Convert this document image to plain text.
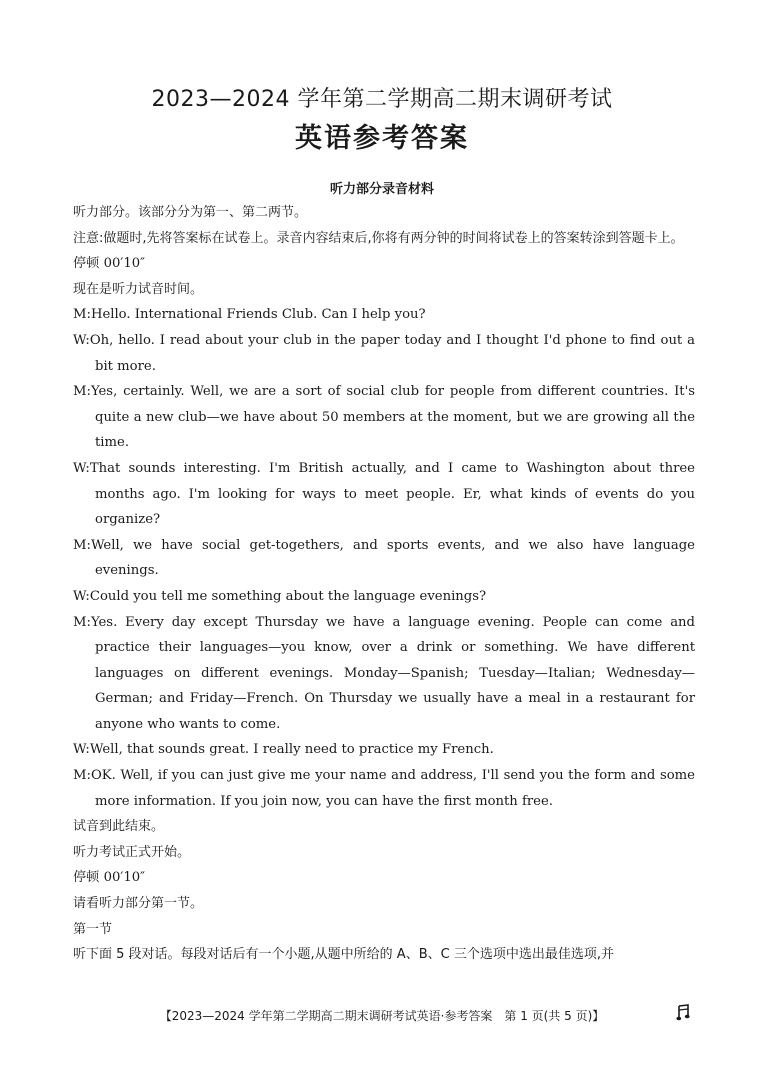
2023—2024 学年第二学期高二期末调研考试
英语参考答案
听力部分录音材料

听力部分。该部分分为第一、第二两节。

注意:做题时,先将答案标在试卷上。录音内容结束后,你将有两分钟的时间将试卷上的答案转涂到答题卡上。

停顿 00′10″

现在是听力试音时间。

M:Hello. International Friends Club. Can I help you?

W:Oh, hello. I read about your club in the paper today and I thought I'd phone to find out a bit more.

M:Yes, certainly. Well, we are a sort of social club for people from different countries. It's quite a new club—we have about 50 members at the moment, but we are growing all the time.

W:That sounds interesting. I'm British actually, and I came to Washington about three months ago. I'm looking for ways to meet people. Er, what kinds of events do you organize?

M:Well, we have social get-togethers, and sports events, and we also have language evenings.

W:Could you tell me something about the language evenings?

M:Yes. Every day except Thursday we have a language evening. People can come and practice their languages—you know, over a drink or something. We have different languages on different evenings. Monday—Spanish; Tuesday—Italian; Wednesday—German; and Friday—French. On Thursday we usually have a meal in a restaurant for anyone who wants to come.

W:Well, that sounds great. I really need to practice my French.

M:OK. Well, if you can just give me your name and address, I'll send you the form and some more information. If you join now, you can have the first month free.

试音到此结束。

听力考试正式开始。

停顿 00′10″

请看听力部分第一节。

第一节

听下面 5 段对话。每段对话后有一个小题,从题中所给的 A、B、C 三个选项中选出最佳选项,并

【2023—2024 学年第二学期高二期末调研考试英语·参考答案　第 1 页(共 5 页)】
